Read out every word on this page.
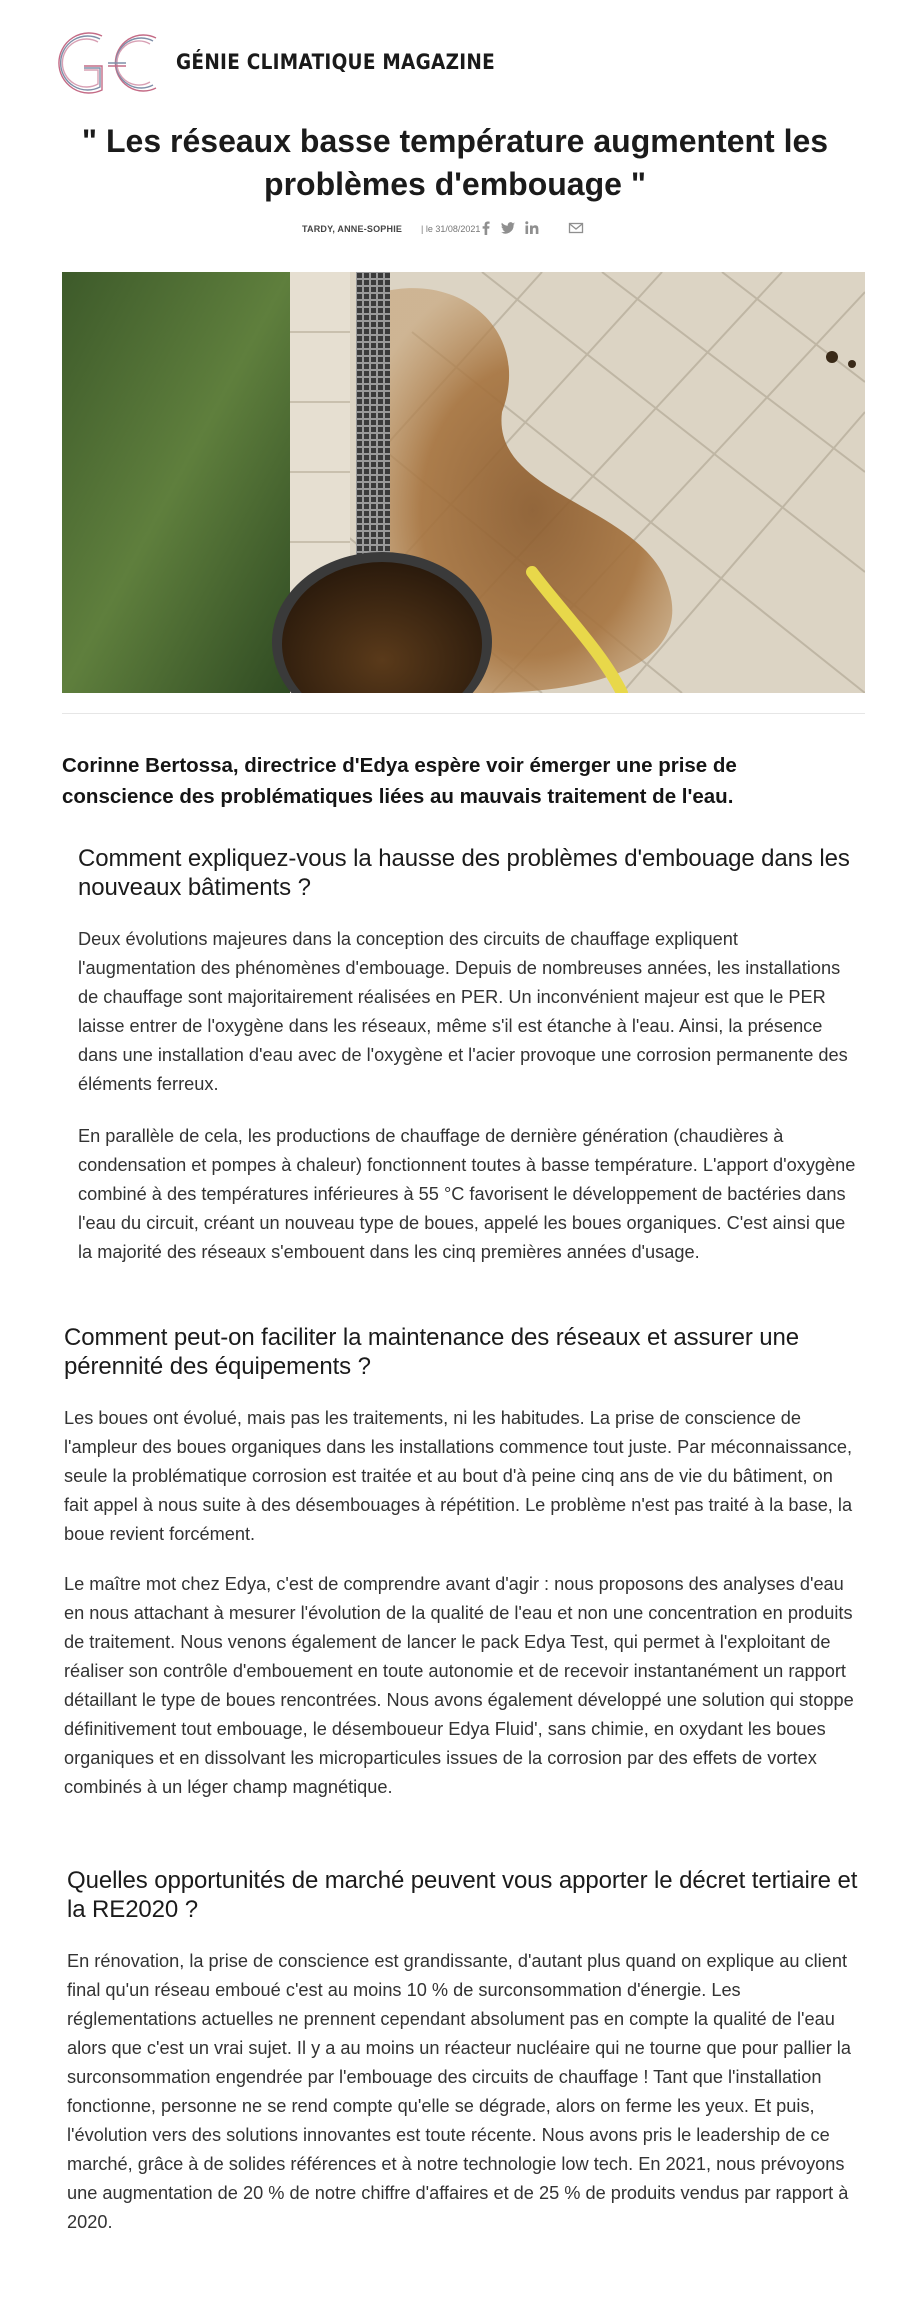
GÉNIE CLIMATIQUE MAGAZINE
" Les réseaux basse température augmentent les problèmes d'embouage "
TARDY, ANNE-SOPHIE | le 31/08/2021

Corinne Bertossa, directrice d'Edya espère voir émerger une prise de conscience des problématiques liées au mauvais traitement de l'eau.

Comment expliquez-vous la hausse des problèmes d'embouage dans les nouveaux bâtiments ?

Deux évolutions majeures dans la conception des circuits de chauffage expliquent l'augmentation des phénomènes d'embouage. Depuis de nombreuses années, les installations de chauffage sont majoritairement réalisées en PER. Un inconvénient majeur est que le PER laisse entrer de l'oxygène dans les réseaux, même s'il est étanche à l'eau. Ainsi, la présence dans une installation d'eau avec de l'oxygène et l'acier provoque une corrosion permanente des éléments ferreux.

En parallèle de cela, les productions de chauffage de dernière génération (chaudières à condensation et pompes à chaleur) fonctionnent toutes à basse température. L'apport d'oxygène combiné à des températures inférieures à 55 °C favorisent le développement de bactéries dans l'eau du circuit, créant un nouveau type de boues, appelé les boues organiques. C'est ainsi que la majorité des réseaux s'embouent dans les cinq premières années d'usage.

Comment peut-on faciliter la maintenance des réseaux et assurer une pérennité des équipements ?

Les boues ont évolué, mais pas les traitements, ni les habitudes. La prise de conscience de l'ampleur des boues organiques dans les installations commence tout juste. Par méconnaissance, seule la problématique corrosion est traitée et au bout d'à peine cinq ans de vie du bâtiment, on fait appel à nous suite à des désembouages à répétition. Le problème n'est pas traité à la base, la boue revient forcément.

Le maître mot chez Edya, c'est de comprendre avant d'agir : nous proposons des analyses d'eau en nous attachant à mesurer l'évolution de la qualité de l'eau et non une concentration en produits de traitement. Nous venons également de lancer le pack Edya Test, qui permet à l'exploitant de réaliser son contrôle d'embouement en toute autonomie et de recevoir instantanément un rapport détaillant le type de boues rencontrées. Nous avons également développé une solution qui stoppe définitivement tout embouage, le désemboueur Edya Fluid', sans chimie, en oxydant les boues organiques et en dissolvant les microparticules issues de la corrosion par des effets de vortex combinés à un léger champ magnétique.

Quelles opportunités de marché peuvent vous apporter le décret tertiaire et la RE2020 ?

En rénovation, la prise de conscience est grandissante, d'autant plus quand on explique au client final qu'un réseau emboué c'est au moins 10 % de surconsommation d'énergie. Les réglementations actuelles ne prennent cependant absolument pas en compte la qualité de l'eau alors que c'est un vrai sujet. Il y a au moins un réacteur nucléaire qui ne tourne que pour pallier la surconsommation engendrée par l'embouage des circuits de chauffage ! Tant que l'installation fonctionne, personne ne se rend compte qu'elle se dégrade, alors on ferme les yeux. Et puis, l'évolution vers des solutions innovantes est toute récente. Nous avons pris le leadership de ce marché, grâce à de solides références et à notre technologie low tech. En 2021, nous prévoyons une augmentation de 20 % de notre chiffre d'affaires et de 25 % de produits vendus par rapport à 2020.
